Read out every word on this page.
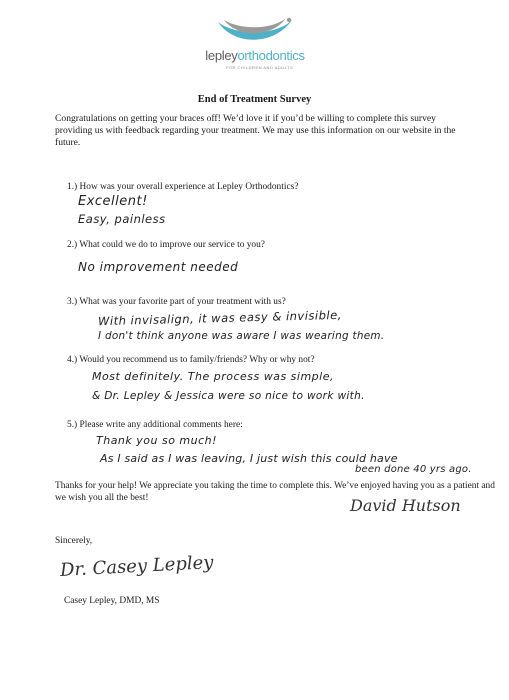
lepleyorthodontics
FOR CHILDREN AND ADULTS
End of Treatment Survey
Congratulations on getting your braces off! We’d love it if you’d be willing to complete this survey providing us with feedback regarding your treatment. We may use this information on our website in the future.
1.) How was your overall experience at Lepley Orthodontics?
Excellent!
Easy, painless
2.) What could we do to improve our service to you?
No improvement needed
3.) What was your favorite part of your treatment with us?
With invisalign, it was easy & invisible,
I don't think anyone was aware I was wearing them.
4.) Would you recommend us to family/friends? Why or why not?
Most definitely. The process was simple,
& Dr. Lepley & Jessica were so nice to work with.
5.) Please write any additional comments here:
Thank you so much!
As I said as I was leaving, I just wish this could have
been done 40 yrs ago.
Thanks for your help! We appreciate you taking the time to complete this. We’ve enjoyed having you as a patient and we wish you all the best!	David Hutson
Sincerely,
Dr. Casey Lepley
Casey Lepley, DMD, MS
